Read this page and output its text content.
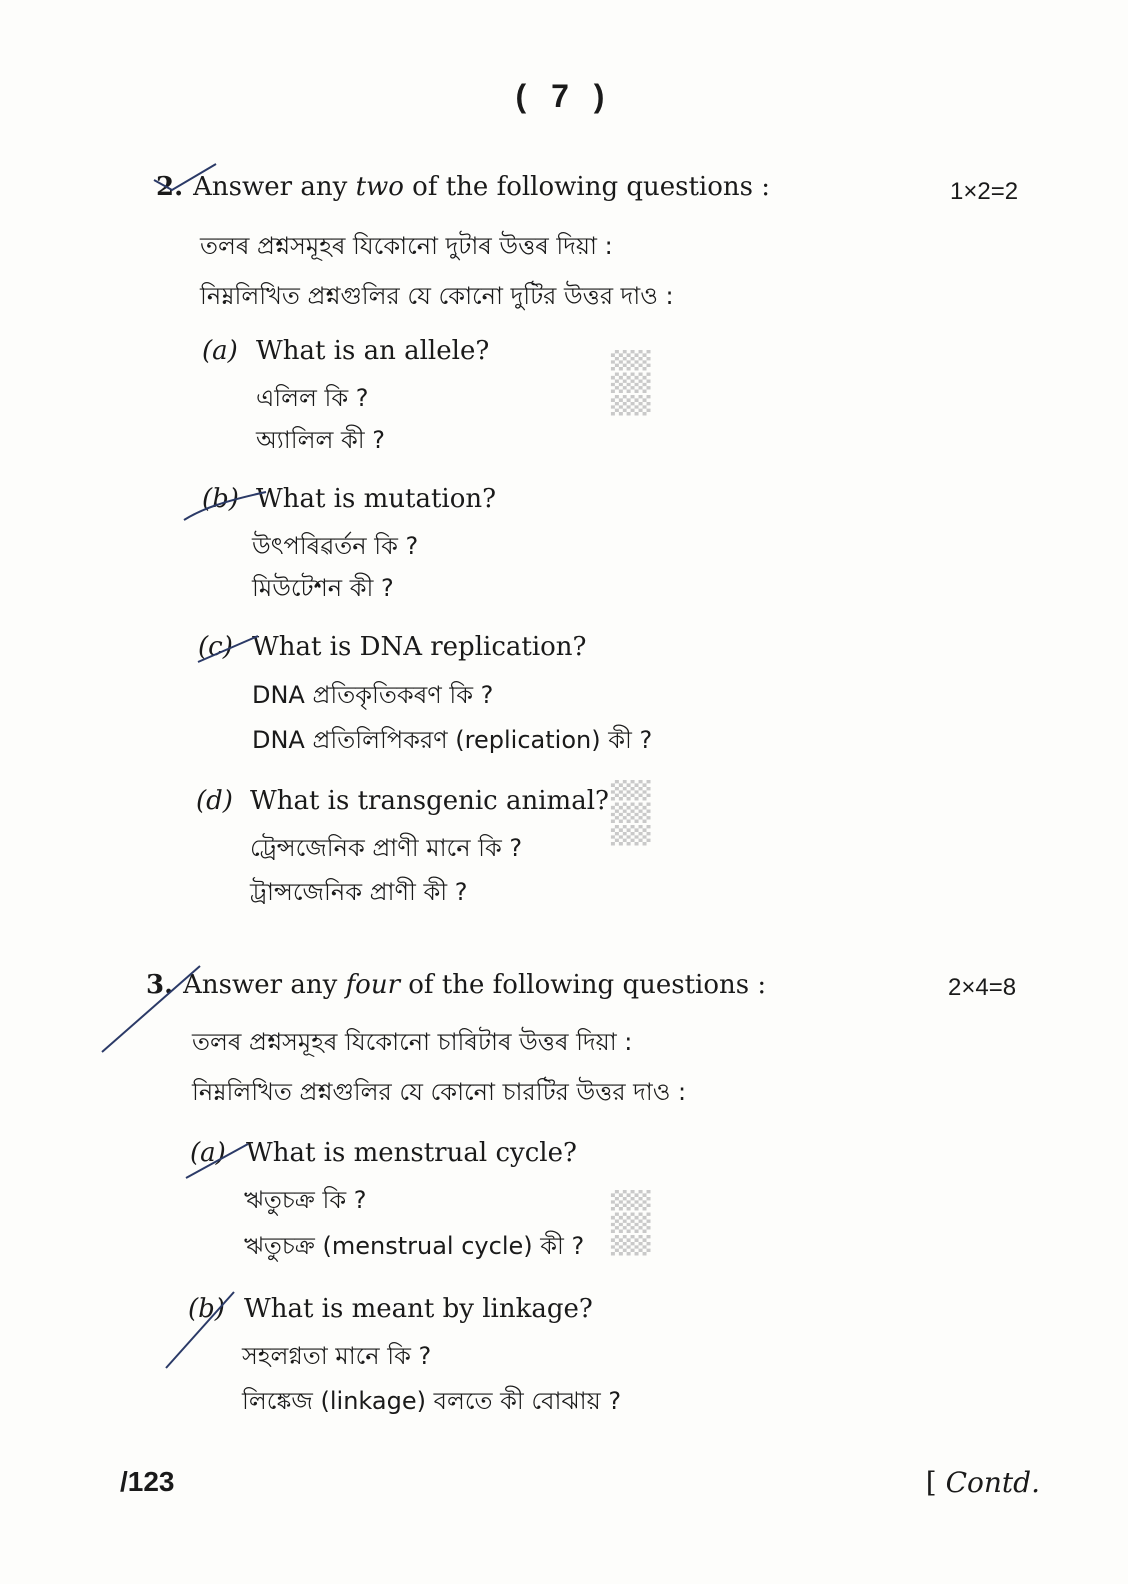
( 7 )
2. Answer any two of the following questions :	1×2=2
তলৰ প্ৰশ্নসমূহৰ যিকোনো দুটাৰ উত্তৰ দিয়া :
নিম্নলিখিত প্রশ্নগুলির যে কোনো দুটির উত্তর দাও :
(a) What is an allele?
এলিল কি ?
অ্যালিল কী ?
(b) What is mutation?
উৎপৰিৱৰ্তন কি ?
মিউটেশন কী ?
(c) What is DNA replication?
DNA প্ৰতিকৃতিকৰণ কি ?
DNA প্রতিলিপিকরণ (replication) কী ?
(d) What is transgenic animal?
ট্ৰেন্সজেনিক প্ৰাণী মানে কি ?
ট্রান্সজেনিক প্রাণী কী ?
3. Answer any four of the following questions :	2×4=8
তলৰ প্ৰশ্নসমূহৰ যিকোনো চাৰিটাৰ উত্তৰ দিয়া :
নিম্নলিখিত প্রশ্নগুলির যে কোনো চারটির উত্তর দাও :
(a) What is menstrual cycle?
ঋতুচক্ৰ কি ?
ঋতুচক্র (menstrual cycle) কী ?
(b) What is meant by linkage?
সহলগ্নতা মানে কি ?
লিঙ্কেজ (linkage) বলতে কী বোঝায় ?
▒▒▒
▒▒▒
▒▒▒
/123	[ Contd.
